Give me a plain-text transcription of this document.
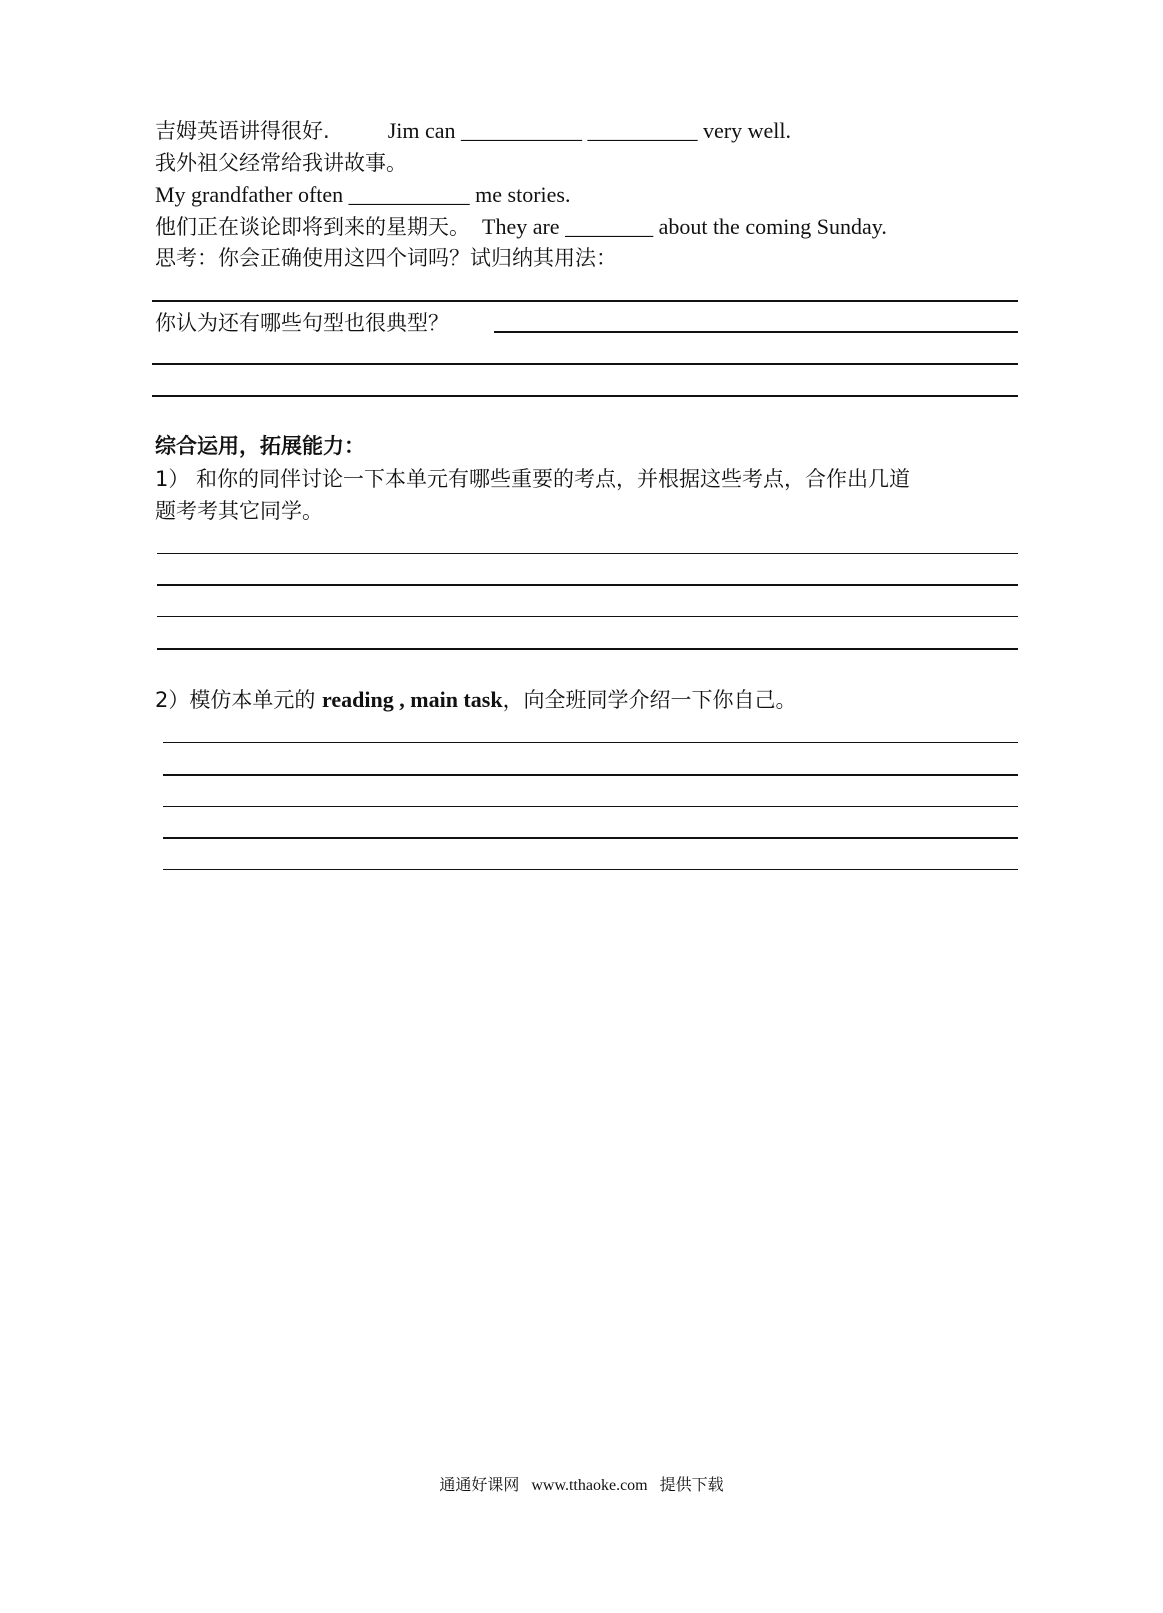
吉姆英语讲得很好.	Jim can ___________ __________ very well.
我外祖父经常给我讲故事。
My grandfather often ___________ me stories.
他们正在谈论即将到来的星期天。 They are ________ about the coming Sunday.
思考：你会正确使用这四个词吗？试归纳其用法：
你认为还有哪些句型也很典型？
综合运用，拓展能力：
1） 和你的同伴讨论一下本单元有哪些重要的考点，并根据这些考点，合作出几道
题考考其它同学。
2）模仿本单元的 reading , main task，向全班同学介绍一下你自己。
通通好课网 www.tthaoke.com 提供下载
